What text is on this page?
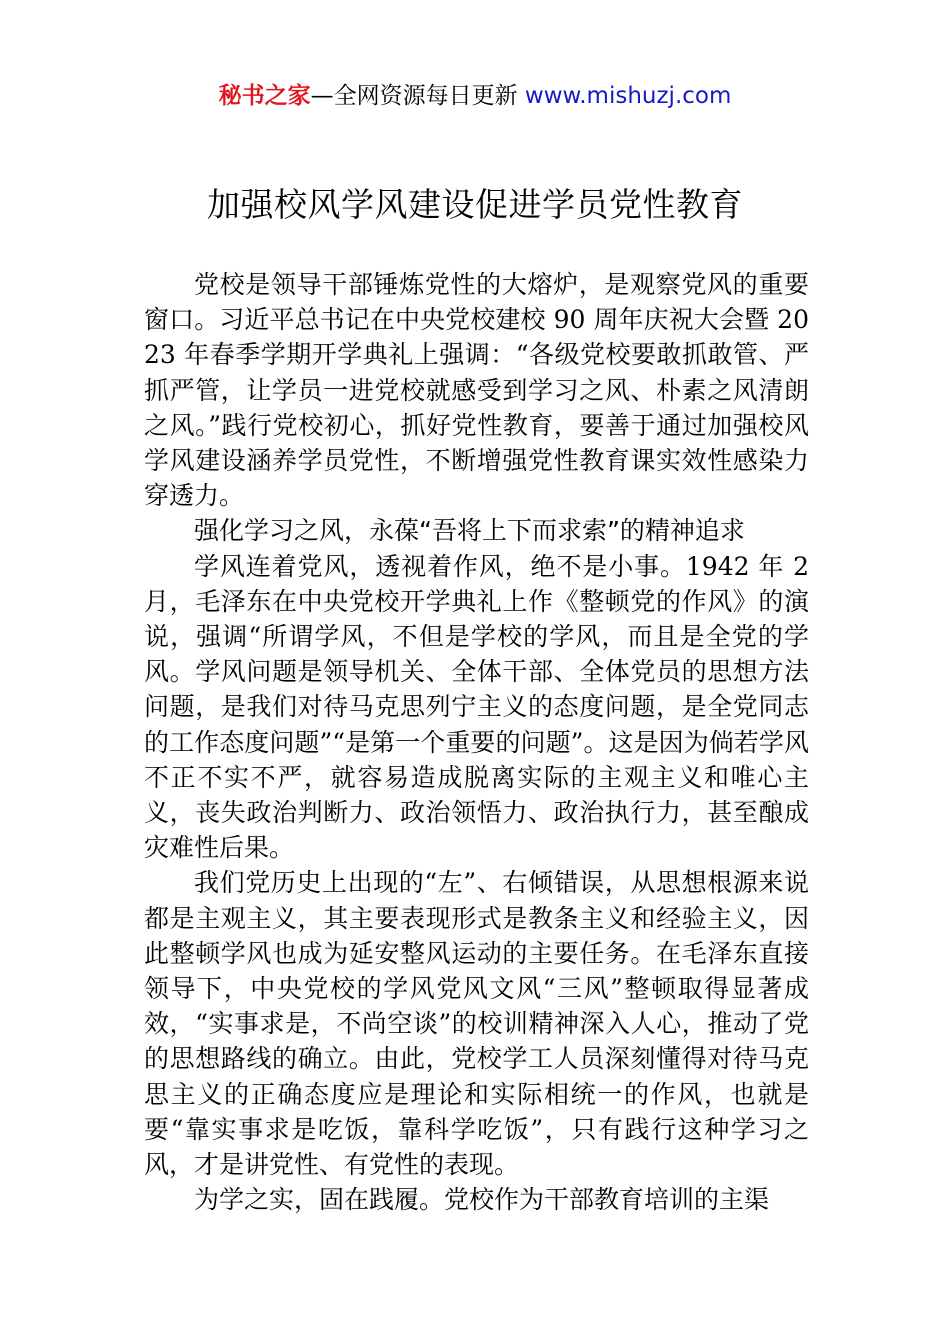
秘书之家—全网资源每日更新 www.mishuzj.com
加强校风学风建设促进学员党性教育

党校是领导干部锤炼党性的大熔炉，是观察党风的重要窗口。习近平总书记在中央党校建校 90 周年庆祝大会暨 2023 年春季学期开学典礼上强调：“各级党校要敢抓敢管、严抓严管，让学员一进党校就感受到学习之风、朴素之风清朗之风。”践行党校初心，抓好党性教育，要善于通过加强校风学风建设涵养学员党性，不断增强党性教育课实效性感染力穿透力。

强化学习之风，永葆“吾将上下而求索”的精神追求

学风连着党风，透视着作风，绝不是小事。1942 年 2 月，毛泽东在中央党校开学典礼上作《整顿党的作风》的演说，强调“所谓学风，不但是学校的学风，而且是全党的学风。学风问题是领导机关、全体干部、全体党员的思想方法问题，是我们对待马克思列宁主义的态度问题，是全党同志的工作态度问题”“是第一个重要的问题”。这是因为倘若学风不正不实不严，就容易造成脱离实际的主观主义和唯心主义，丧失政治判断力、政治领悟力、政治执行力，甚至酿成灾难性后果。

我们党历史上出现的“左”、右倾错误，从思想根源来说都是主观主义，其主要表现形式是教条主义和经验主义，因此整顿学风也成为延安整风运动的主要任务。在毛泽东直接领导下，中央党校的学风党风文风“三风”整顿取得显著成效，“实事求是，不尚空谈”的校训精神深入人心，推动了党的思想路线的确立。由此，党校学工人员深刻懂得对待马克思主义的正确态度应是理论和实际相统一的作风，也就是要“靠实事求是吃饭，靠科学吃饭”，只有践行这种学习之风，才是讲党性、有党性的表现。

为学之实，固在践履。党校作为干部教育培训的主渠
